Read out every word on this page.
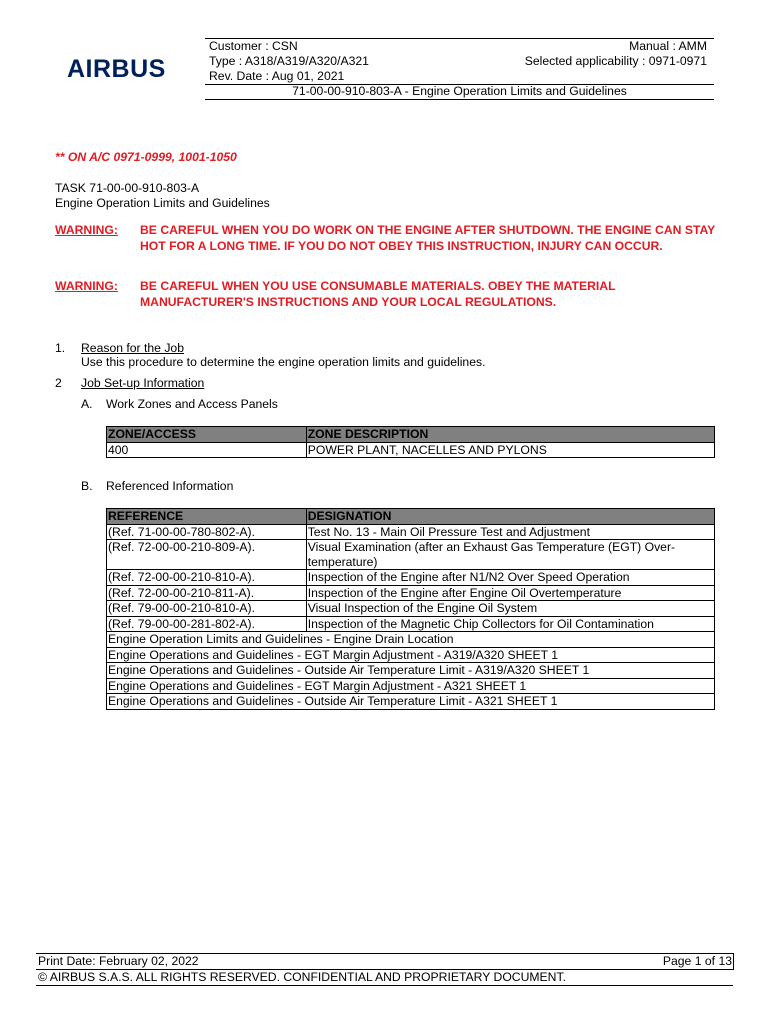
AIRBUS
Customer : CSN	Manual : AMM
Type : A318/A319/A320/A321	Selected applicability : 0971-0971
Rev. Date : Aug 01, 2021
71-00-00-910-803-A - Engine Operation Limits and Guidelines
** ON A/C 0971-0999, 1001-1050
TASK 71-00-00-910-803-A
Engine Operation Limits and Guidelines
WARNING: BE CAREFUL WHEN YOU DO WORK ON THE ENGINE AFTER SHUTDOWN. THE ENGINE CAN STAY HOT FOR A LONG TIME. IF YOU DO NOT OBEY THIS INSTRUCTION, INJURY CAN OCCUR.
WARNING: BE CAREFUL WHEN YOU USE CONSUMABLE MATERIALS. OBEY THE MATERIAL MANUFACTURER'S INSTRUCTIONS AND YOUR LOCAL REGULATIONS.
1. Reason for the Job
Use this procedure to determine the engine operation limits and guidelines.
2 Job Set-up Information
A. Work Zones and Access Panels
ZONE/ACCESS	ZONE DESCRIPTION
400	POWER PLANT, NACELLES AND PYLONS
B. Referenced Information
REFERENCE	DESIGNATION
(Ref. 71-00-00-780-802-A).	Test No. 13 - Main Oil Pressure Test and Adjustment
(Ref. 72-00-00-210-809-A).	Visual Examination (after an Exhaust Gas Temperature (EGT) Over-temperature)
(Ref. 72-00-00-210-810-A).	Inspection of the Engine after N1/N2 Over Speed Operation
(Ref. 72-00-00-210-811-A).	Inspection of the Engine after Engine Oil Overtemperature
(Ref. 79-00-00-210-810-A).	Visual Inspection of the Engine Oil System
(Ref. 79-00-00-281-802-A).	Inspection of the Magnetic Chip Collectors for Oil Contamination
Engine Operation Limits and Guidelines - Engine Drain Location	
Engine Operations and Guidelines - EGT Margin Adjustment - A319/A320 SHEET 1	
Engine Operations and Guidelines - Outside Air Temperature Limit - A319/A320 SHEET 1	
Engine Operations and Guidelines - EGT Margin Adjustment - A321 SHEET 1	
Engine Operations and Guidelines - Outside Air Temperature Limit - A321 SHEET 1	
Print Date: February 02, 2022	Page 1 of 13
© AIRBUS S.A.S. ALL RIGHTS RESERVED. CONFIDENTIAL AND PROPRIETARY DOCUMENT.
